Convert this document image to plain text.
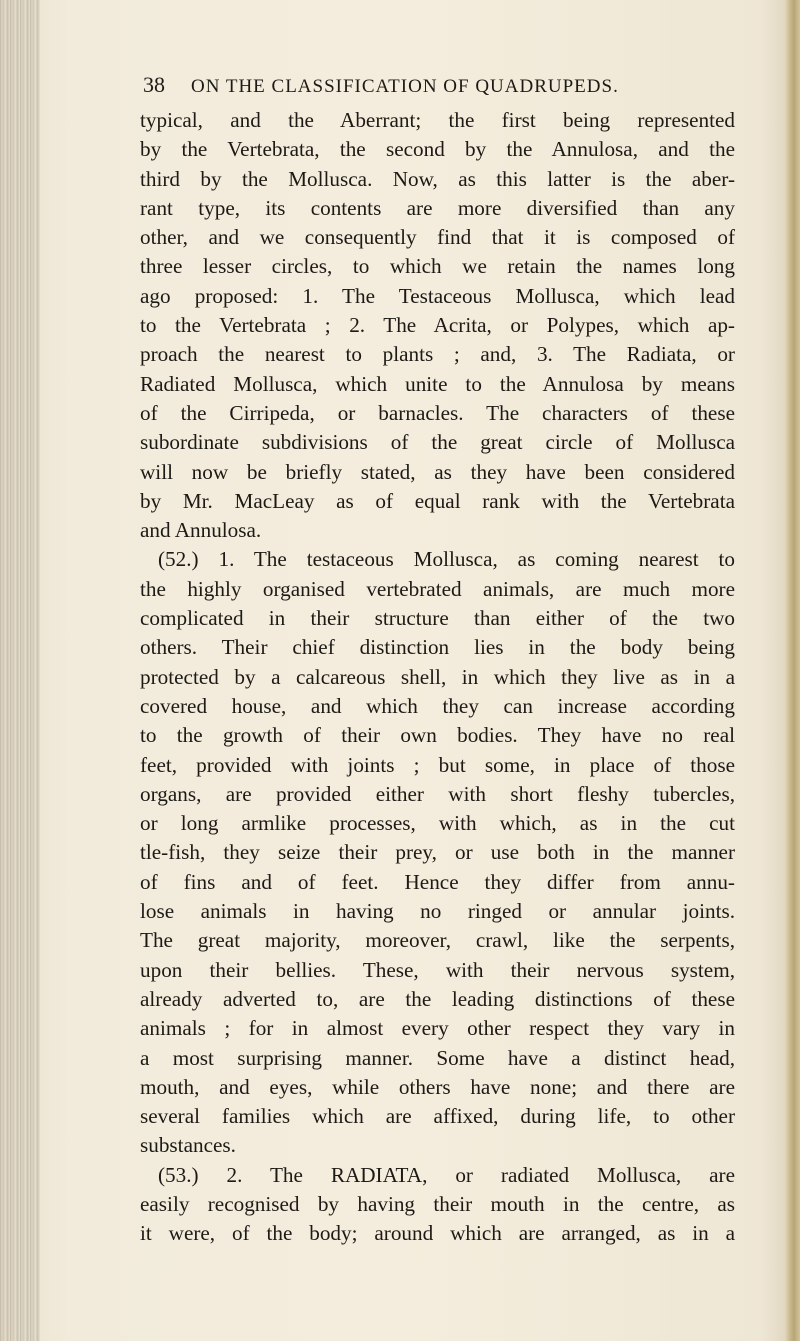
38 ON THE CLASSIFICATION OF QUADRUPEDS.
typical, and the Aberrant; the first being represented
by the Vertebrata, the second by the Annulosa, and the
third by the Mollusca. Now, as this latter is the aber-
rant type, its contents are more diversified than any
other, and we consequently find that it is composed of
three lesser circles, to which we retain the names long
ago proposed: 1. The Testaceous Mollusca, which lead
to the Vertebrata ; 2. The Acrita, or Polypes, which ap-
proach the nearest to plants ; and, 3. The Radiata, or
Radiated Mollusca, which unite to the Annulosa by means
of the Cirripeda, or barnacles. The characters of these
subordinate subdivisions of the great circle of Mollusca
will now be briefly stated, as they have been considered
by Mr. MacLeay as of equal rank with the Vertebrata
and Annulosa.
(52.) 1. The testaceous Mollusca, as coming nearest to
the highly organised vertebrated animals, are much more
complicated in their structure than either of the two
others. Their chief distinction lies in the body being
protected by a calcareous shell, in which they live as in a
covered house, and which they can increase according
to the growth of their own bodies. They have no real
feet, provided with joints ; but some, in place of those
organs, are provided either with short fleshy tubercles,
or long armlike processes, with which, as in the cut
tle-fish, they seize their prey, or use both in the manner
of fins and of feet. Hence they differ from annu-
lose animals in having no ringed or annular joints.
The great majority, moreover, crawl, like the serpents,
upon their bellies. These, with their nervous system,
already adverted to, are the leading distinctions of these
animals ; for in almost every other respect they vary in
a most surprising manner. Some have a distinct head,
mouth, and eyes, while others have none; and there are
several families which are affixed, during life, to other
substances.
(53.) 2. The RADIATA, or radiated Mollusca, are
easily recognised by having their mouth in the centre, as
it were, of the body; around which are arranged, as in a
